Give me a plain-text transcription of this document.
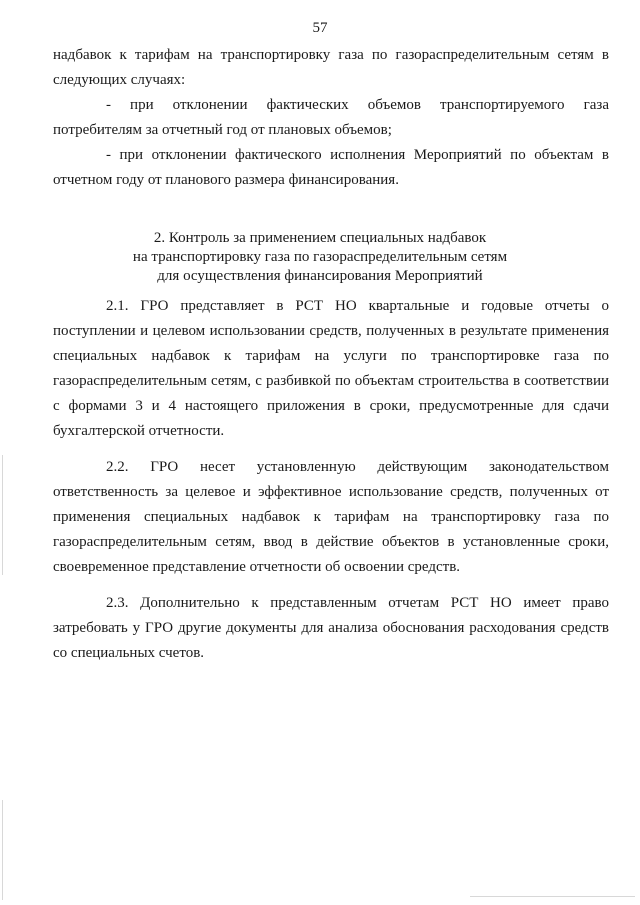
57

надбавок к тарифам на транспортировку газа по газораспределительным сетям в следующих случаях:

- при отклонении фактических объемов транспортируемого газа потребителям за отчетный год от плановых объемов;

- при отклонении фактического исполнения Мероприятий по объектам в отчетном году от планового размера финансирования.

2. Контроль за применением специальных надбавок
на транспортировку газа по газораспределительным сетям
для осуществления финансирования Мероприятий

2.1. ГРО представляет в РСТ НО квартальные и годовые отчеты о поступлении и целевом использовании средств, полученных в результате применения специальных надбавок к тарифам на услуги по транспортировке газа по газораспределительным сетям, с разбивкой по объектам строительства в соответствии с формами 3 и 4 настоящего приложения в сроки, предусмотренные для сдачи бухгалтерской отчетности.

2.2. ГРО несет установленную действующим законодательством ответственность за целевое и эффективное использование средств, полученных от применения специальных надбавок к тарифам на транспортировку газа по газораспределительным сетям, ввод в действие объектов в установленные сроки, своевременное представление отчетности об освоении средств.

2.3. Дополнительно к представленным отчетам РСТ НО имеет право затребовать у ГРО другие документы для анализа обоснования расходования средств со специальных счетов.
